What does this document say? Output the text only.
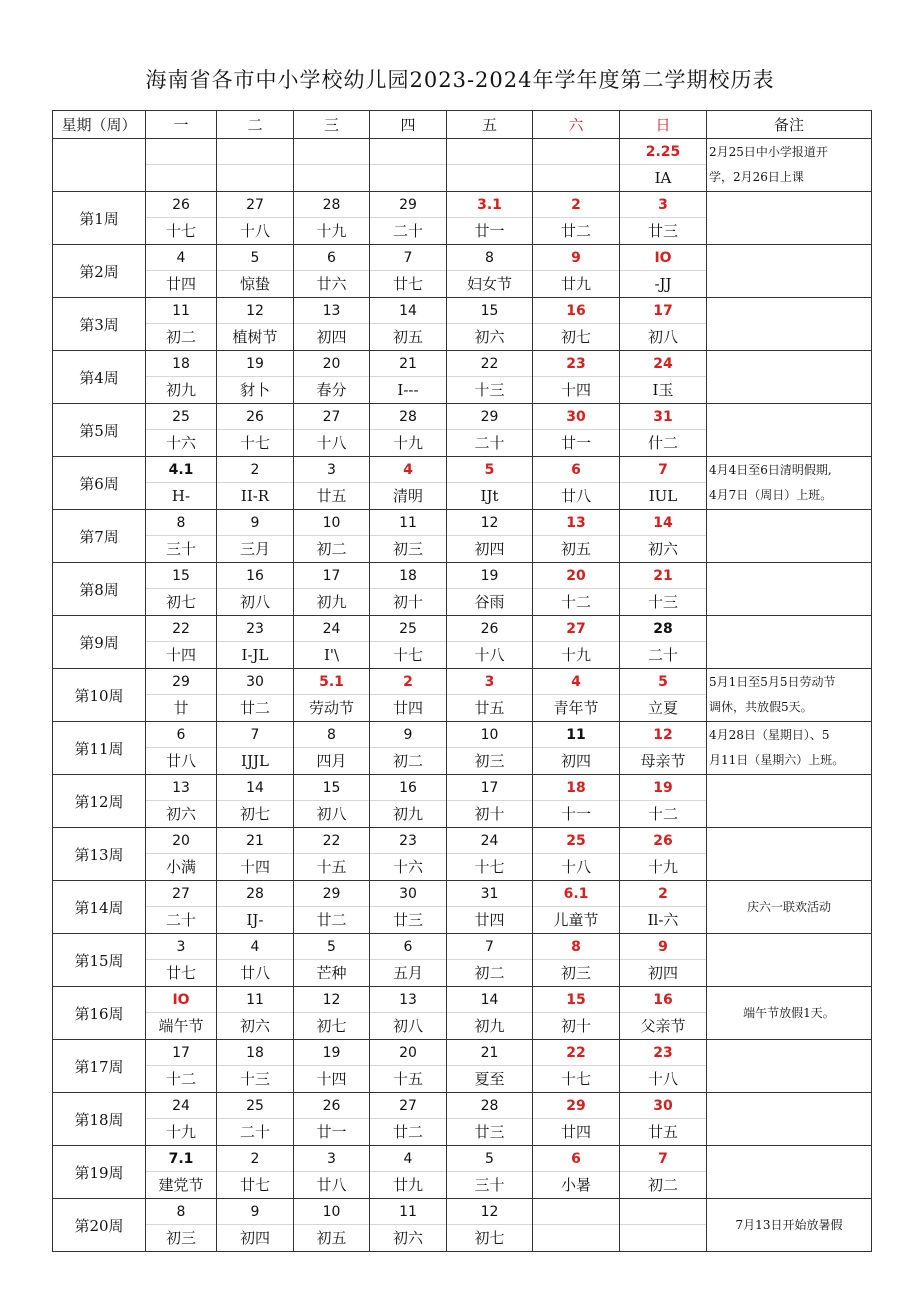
海南省各市中小学校幼儿园2023-2024年学年度第二学期校历表
星期（周）	一	二	三	四	五	六	日	备注
							2.25	2月25日中小学报道开
学，2月26日上课

							IA	
第1周	26	27	28	29	3.1	2	3	
	十七	十八	十九	二十	廿一	廿二	廿三	
第2周	4	5	6	7	8	9	IO	
	廿四	惊蛰	廿六	廿七	妇女节	廿九	-JJ	
第3周	11	12	13	14	15	16	17	
	初二	植树节	初四	初五	初六	初七	初八	
第4周	18	19	20	21	22	23	24	
	初九	豺卜	春分	I---	十三	十四	I玉	
第5周	25	26	27	28	29	30	31	
	十六	十七	十八	十九	二十	廿一	什二	
第6周	4.1	2	3	4	5	6	7	4月4日至6日清明假期,
4月7日（周日）上班。

	H-	II-R	廿五	清明	IJt	廿八	IUL	
第7周	8	9	10	11	12	13	14	
	三十	三月	初二	初三	初四	初五	初六	
第8周	15	16	17	18	19	20	21	
	初七	初八	初九	初十	谷雨	十二	十三	
第9周	22	23	24	25	26	27	28	
	十四	I-JL	I'\	十七	十八	十九	二十	
第10周	29	30	5.1	2	3	4	5	5月1日至5月5日劳动节
调休，共放假5天。

	廿	廿二	劳动节	廿四	廿五	青年节	立夏	
第11周	6	7	8	9	10	11	12	4月28日（星期日）、5
月11日（星期六）上班。

	廿八	IJJL	四月	初二	初三	初四	母亲节	
第12周	13	14	15	16	17	18	19	
	初六	初七	初八	初九	初十	十一	十二	
第13周	20	21	22	23	24	25	26	
	小满	十四	十五	十六	十七	十八	十九	
第14周	27	28	29	30	31	6.1	2	庆六一联欢活动

	二十	IJ-	廿二	廿三	廿四	儿童节	Il-六	
第15周	3	4	5	6	7	8	9	
	廿七	廿八	芒种	五月	初二	初三	初四	
第16周	IO	11	12	13	14	15	16	端午节放假1天。

	端午节	初六	初七	初八	初九	初十	父亲节	
第17周	17	18	19	20	21	22	23	
	十二	十三	十四	十五	夏至	十七	十八	
第18周	24	25	26	27	28	29	30	
	十九	二十	廿一	廿二	廿三	廿四	廿五	
第19周	7.1	2	3	4	5	6	7	
	建党节	廿七	廿八	廿九	三十	小暑	初二	
第20周	8	9	10	11	12			7月13日开始放暑假

	初三	初四	初五	初六	初七			
